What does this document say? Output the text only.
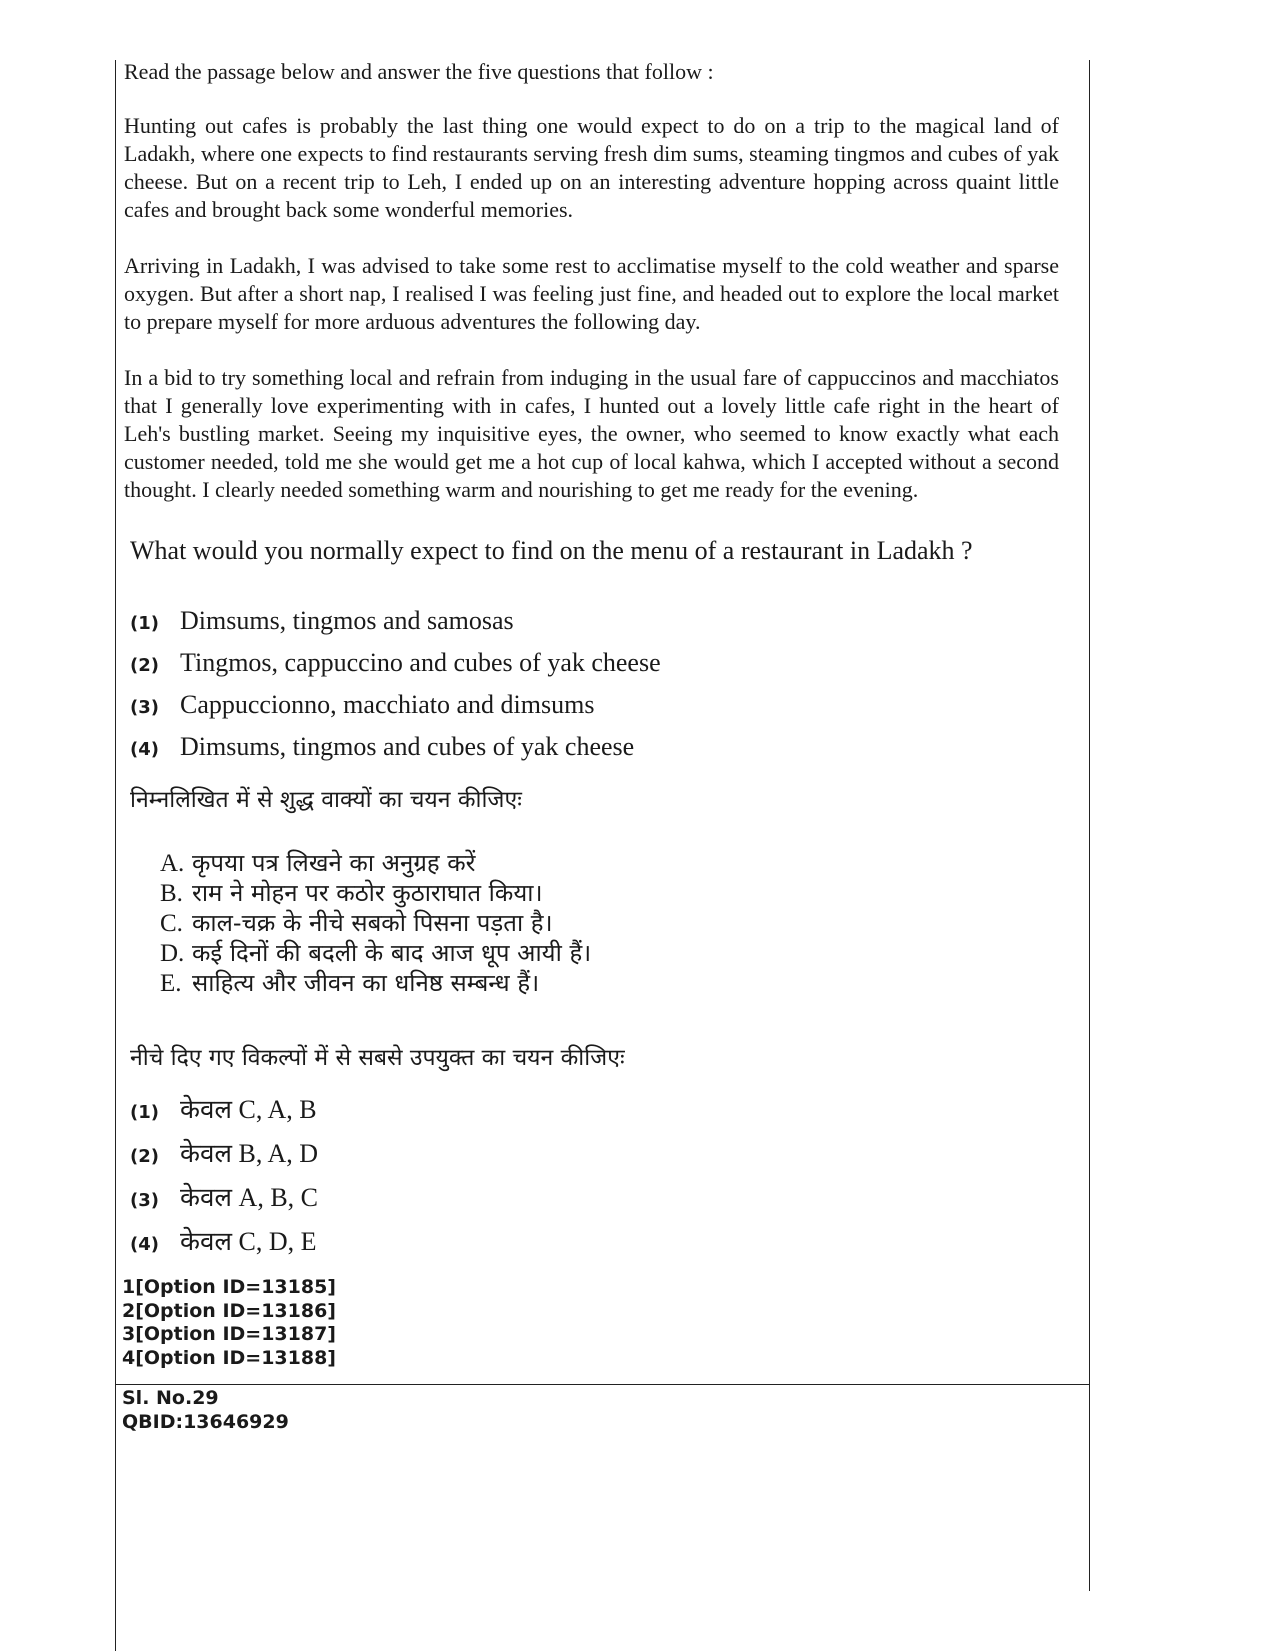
Read the passage below and answer the five questions that follow :
Hunting out cafes is probably the last thing one would expect to do on a trip to the magical land of Ladakh, where one expects to find restaurants serving fresh dim sums, steaming tingmos and cubes of yak cheese. But on a recent trip to Leh, I ended up on an interesting adventure hopping across quaint little cafes and brought back some wonderful memories.
Arriving in Ladakh, I was advised to take some rest to acclimatise myself to the cold weather and sparse oxygen. But after a short nap, I realised I was feeling just fine, and headed out to explore the local market to prepare myself for more arduous adventures the following day.
In a bid to try something local and refrain from induging in the usual fare of cappuccinos and macchiatos that I generally love experimenting with in cafes, I hunted out a lovely little cafe right in the heart of Leh's bustling market. Seeing my inquisitive eyes, the owner, who seemed to know exactly what each customer needed, told me she would get me a hot cup of local kahwa, which I accepted without a second thought. I clearly needed something warm and nourishing to get me ready for the evening.
What would you normally expect to find on the menu of a restaurant in Ladakh ?
(1) Dimsums, tingmos and samosas
(2) Tingmos, cappuccino and cubes of yak cheese
(3) Cappuccionno, macchiato and dimsums
(4) Dimsums, tingmos and cubes of yak cheese
निम्नलिखित में से शुद्ध वाक्यों का चयन कीजिएः
A. कृपया पत्र लिखने का अनुग्रह करें
B. राम ने मोहन पर कठोर कुठाराघात किया।
C. काल-चक्र के नीचे सबको पिसना पड़ता है।
D. कई दिनों की बदली के बाद आज धूप आयी हैं।
E. साहित्य और जीवन का धनिष्ठ सम्बन्ध हैं।
नीचे दिए गए विकल्पों में से सबसे उपयुक्त का चयन कीजिएः
(1) केवल C, A, B
(2) केवल B, A, D
(3) केवल A, B, C
(4) केवल C, D, E
1[Option ID=13185]
2[Option ID=13186]
3[Option ID=13187]
4[Option ID=13188]
Sl. No.29
QBID:13646929
